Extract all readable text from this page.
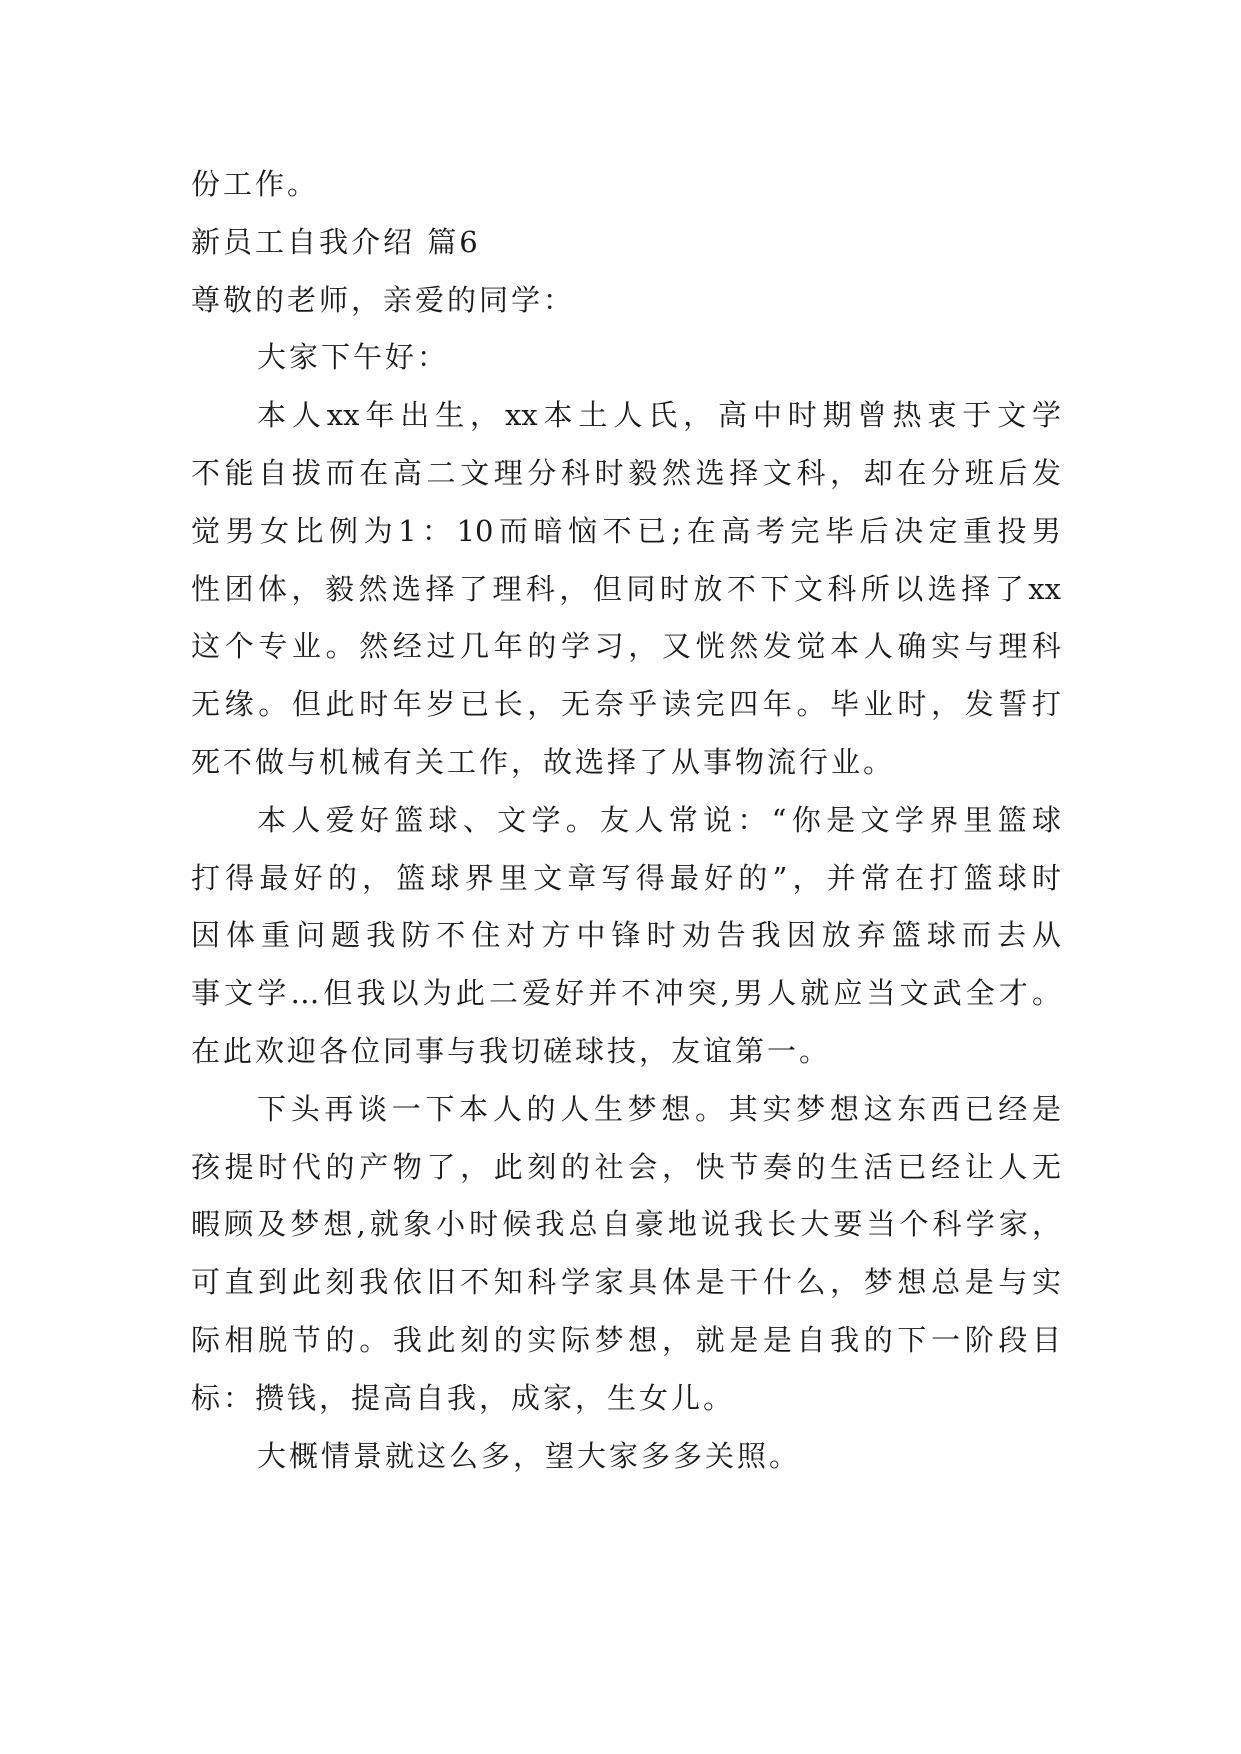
份工作。
新员工自我介绍 篇6
尊敬的老师，亲爱的同学：
大家下午好：
本人xx年出生，xx本土人氏，高中时期曾热衷于文学
不能自拔而在高二文理分科时毅然选择文科，却在分班后发
觉男女比例为1：10而暗恼不已;在高考完毕后决定重投男
性团体，毅然选择了理科，但同时放不下文科所以选择了xx
这个专业。然经过几年的学习，又恍然发觉本人确实与理科
无缘。但此时年岁已长，无奈乎读完四年。毕业时，发誓打
死不做与机械有关工作，故选择了从事物流行业。
本人爱好篮球、文学。友人常说：“你是文学界里篮球
打得最好的，篮球界里文章写得最好的”，并常在打篮球时
因体重问题我防不住对方中锋时劝告我因放弃篮球而去从
事文学…但我以为此二爱好并不冲突,男人就应当文武全才。
在此欢迎各位同事与我切磋球技，友谊第一。
下头再谈一下本人的人生梦想。其实梦想这东西已经是
孩提时代的产物了，此刻的社会，快节奏的生活已经让人无
暇顾及梦想,就象小时候我总自豪地说我长大要当个科学家，
可直到此刻我依旧不知科学家具体是干什么，梦想总是与实
际相脱节的。我此刻的实际梦想，就是是自我的下一阶段目
标：攒钱，提高自我，成家，生女儿。
大概情景就这么多，望大家多多关照。
